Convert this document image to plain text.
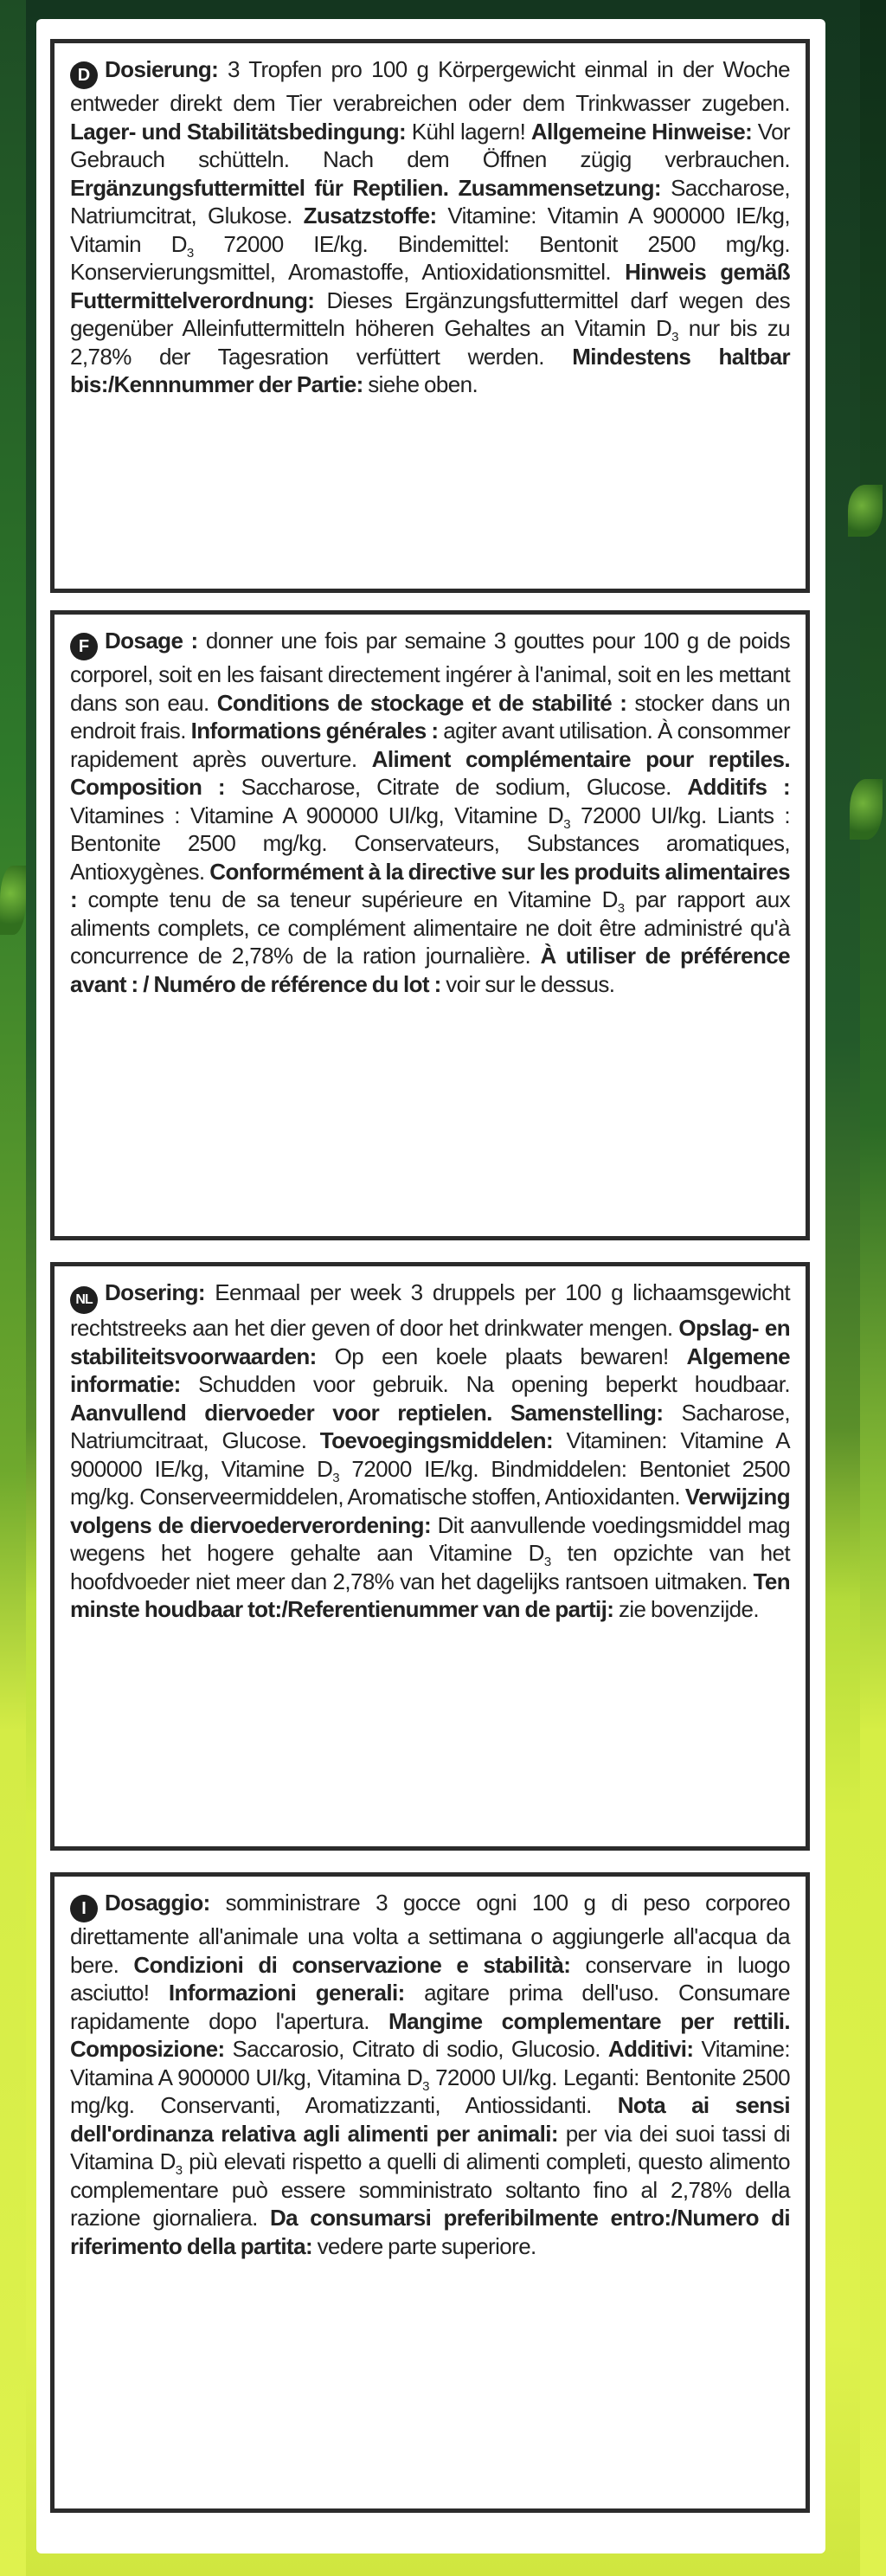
D Dosierung: 3 Tropfen pro 100 g Körpergewicht einmal in der Woche entweder direkt dem Tier verabreichen oder dem Trinkwasser zugeben. Lager- und Stabilitätsbedingung: Kühl lagern! Allgemeine Hinweise: Vor Gebrauch schütteln. Nach dem Öffnen zügig verbrauchen. Ergänzungsfuttermittel für Reptilien. Zusammensetzung: Saccharose, Natriumcitrat, Glukose. Zusatzstoffe: Vitamine: Vitamin A 900000 IE/kg, Vitamin $D_3$ 72000 IE/kg. Bindemittel: Bentonit 2500 mg/kg. Konservierungsmittel, Aromastoffe, Antioxidationsmittel. Hinweis gemäß Futtermittelverordnung: Dieses Ergänzungsfuttermittel darf wegen des gegenüber Alleinfuttermitteln höheren Gehaltes an Vitamin $D_3$ nur bis zu 2,78% der Tagesration verfüttert werden. Mindestens haltbar bis:/Kennnummer der Partie: siehe oben.
F Dosage : donner une fois par semaine 3 gouttes pour 100 g de poids corporel, soit en les faisant directement ingérer à l'animal, soit en les mettant dans son eau. Conditions de stockage et de stabilité : stocker dans un endroit frais. Informations générales : agiter avant utilisation. À consommer rapidement après ouverture. Aliment complémentaire pour reptiles. Composition : Saccharose, Citrate de sodium, Glucose. Additifs : Vitamines : Vitamine A 900000 UI/kg, Vitamine $D_3$ 72000 UI/kg. Liants : Bentonite 2500 mg/kg. Conservateurs, Substances aromatiques, Antioxygènes. Conformément à la directive sur les produits alimentaires : compte tenu de sa teneur supérieure en Vitamine $D_3$ par rapport aux aliments complets, ce complément alimentaire ne doit être administré qu'à concurrence de 2,78% de la ration journalière. À utiliser de préférence avant : / Numéro de référence du lot : voir sur le dessus.
NL Dosering: Eenmaal per week 3 druppels per 100 g lichaamsgewicht rechtstreeks aan het dier geven of door het drinkwater mengen. Opslag- en stabiliteitsvoorwaarden: Op een koele plaats bewaren! Algemene informatie: Schudden voor gebruik. Na opening beperkt houdbaar. Aanvullend diervoeder voor reptielen. Samenstelling: Sacharose, Natriumcitraat, Glucose. Toevoegingsmiddelen: Vitaminen: Vitamine A 900000 IE/kg, Vitamine $D_3$ 72000 IE/kg. Bindmiddelen: Bentoniet 2500 mg/kg. Conserveermiddelen, Aromatische stoffen, Antioxidanten. Verwijzing volgens de diervoederverordening: Dit aanvullende voedingsmiddel mag wegens het hogere gehalte aan Vitamine $D_3$ ten opzichte van het hoofdvoeder niet meer dan 2,78% van het dagelijks rantsoen uitmaken. Ten minste houdbaar tot:/Referentienummer van de partij: zie bovenzijde.
I Dosaggio: somministrare 3 gocce ogni 100 g di peso corporeo direttamente all'animale una volta a settimana o aggiungerle all'acqua da bere. Condizioni di conservazione e stabilità: conservare in luogo asciutto! Informazioni generali: agitare prima dell'uso. Consumare rapidamente dopo l'apertura. Mangime complementare per rettili. Composizione: Saccarosio, Citrato di sodio, Glucosio. Additivi: Vitamine: Vitamina A 900000 UI/kg, Vitamina $D_3$ 72000 UI/kg. Leganti: Bentonite 2500 mg/kg. Conservanti, Aromatizzanti, Antiossidanti. Nota ai sensi dell'ordinanza relativa agli alimenti per animali: per via dei suoi tassi di Vitamina $D_3$ più elevati rispetto a quelli di alimenti completi, questo alimento complementare può essere somministrato soltanto fino al 2,78% della razione giornaliera. Da consumarsi preferibilmente entro:/Numero di riferimento della partita: vedere parte superiore.
